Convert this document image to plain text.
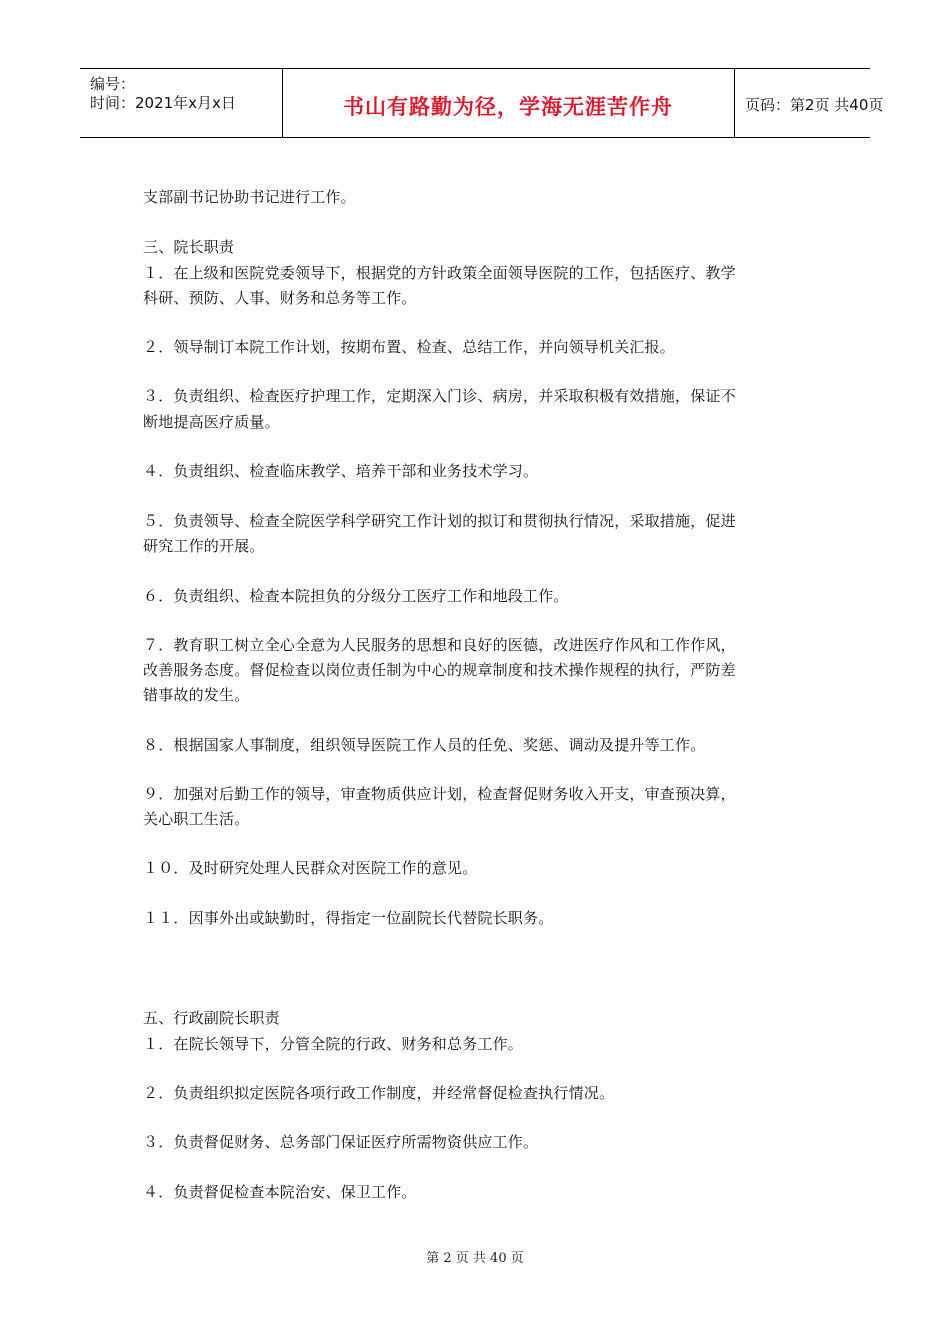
编号：
时间：2021年x月x日	书山有路勤为径，学海无涯苦作舟	页码：第2页 共40页
支部副书记协助书记进行工作。
三、院长职责
１．在上级和医院党委领导下，根据党的方针政策全面领导医院的工作，包括医疗、教学
科研、预防、人事、财务和总务等工作。
２．领导制订本院工作计划，按期布置、检查、总结工作，并向领导机关汇报。
３．负责组织、检查医疗护理工作，定期深入门诊、病房，并采取积极有效措施，保证不
断地提高医疗质量。
４．负责组织、检查临床教学、培养干部和业务技术学习。
５．负责领导、检查全院医学科学研究工作计划的拟订和贯彻执行情况，采取措施，促进
研究工作的开展。
６．负责组织、检查本院担负的分级分工医疗工作和地段工作。
７．教育职工树立全心全意为人民服务的思想和良好的医德，改进医疗作风和工作作风，
改善服务态度。督促检查以岗位责任制为中心的规章制度和技术操作规程的执行，严防差
错事故的发生。
８．根据国家人事制度，组织领导医院工作人员的任免、奖惩、调动及提升等工作。
９．加强对后勤工作的领导，审查物质供应计划，检查督促财务收入开支，审查预决算，
关心职工生活。
１０．及时研究处理人民群众对医院工作的意见。
１１．因事外出或缺勤时，得指定一位副院长代替院长职务。
五、行政副院长职责
１．在院长领导下，分管全院的行政、财务和总务工作。
２．负责组织拟定医院各项行政工作制度，并经常督促检查执行情况。
３．负责督促财务、总务部门保证医疗所需物资供应工作。
４．负责督促检查本院治安、保卫工作。
第 2 页 共 40 页
